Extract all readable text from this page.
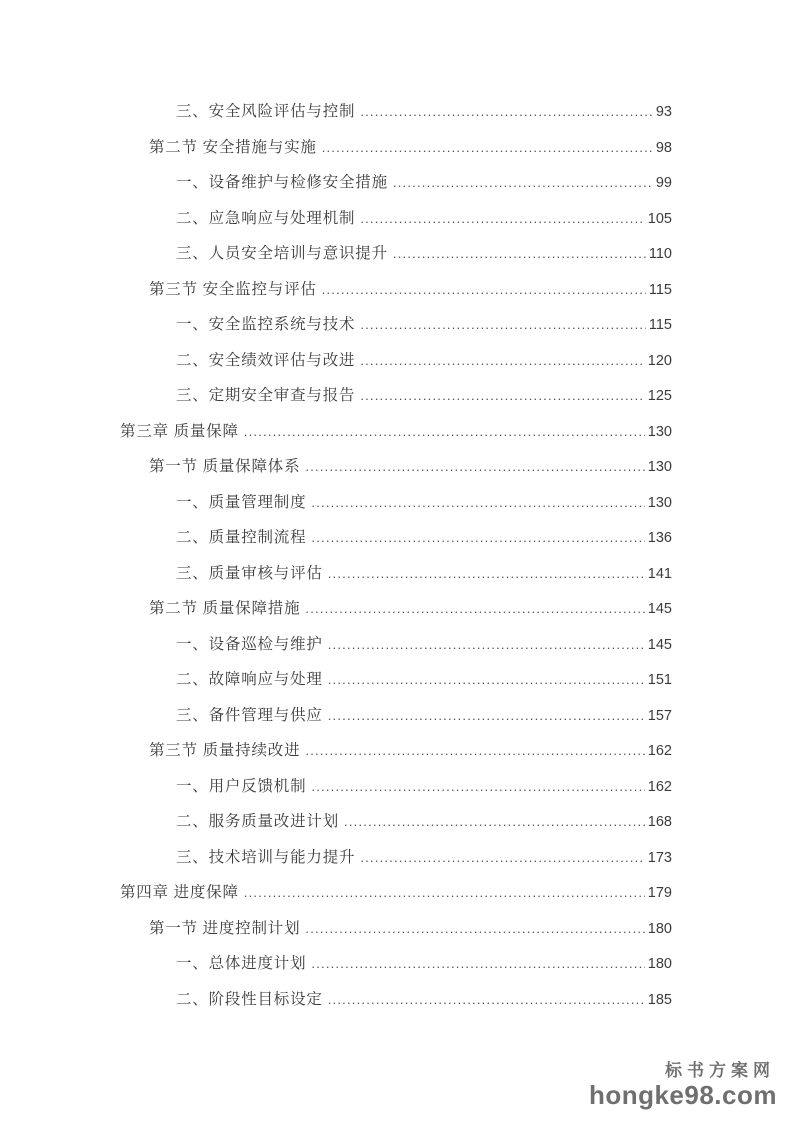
三、安全风险评估与控制 .....	93
第二节 安全措施与实施 .....	98
一、设备维护与检修安全措施 .....	99
二、应急响应与处理机制 .....	105
三、人员安全培训与意识提升 .....	110
第三节 安全监控与评估 .....	115
一、安全监控系统与技术 .....	115
二、安全绩效评估与改进 .....	120
三、定期安全审查与报告 .....	125
第三章 质量保障 .....	130
第一节 质量保障体系 .....	130
一、质量管理制度 .....	130
二、质量控制流程 .....	136
三、质量审核与评估 .....	141
第二节 质量保障措施 .....	145
一、设备巡检与维护 .....	145
二、故障响应与处理 .....	151
三、备件管理与供应 .....	157
第三节 质量持续改进 .....	162
一、用户反馈机制 .....	162
二、服务质量改进计划 .....	168
三、技术培训与能力提升 .....	173
第四章 进度保障 .....	179
第一节 进度控制计划 .....	180
一、总体进度计划 .....	180
二、阶段性目标设定 .....	185
标书方案网
hongke98.com
